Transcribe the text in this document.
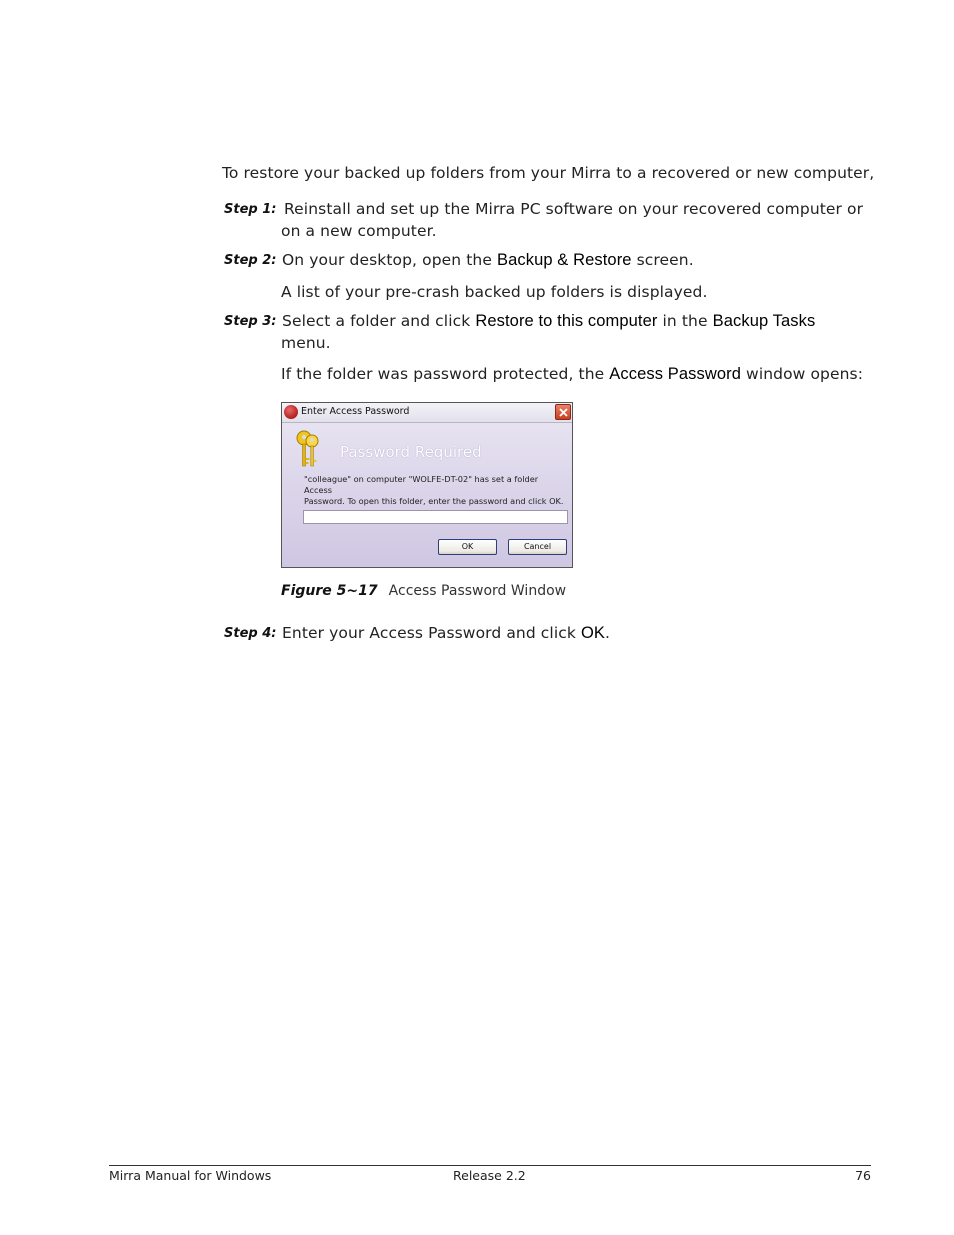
To restore your backed up folders from your Mirra to a recovered or new computer,
Step 1: Reinstall and set up the Mirra PC software on your recovered computer or
on a new computer.
Step 2: On your desktop, open the Backup & Restore screen.
A list of your pre-crash backed up folders is displayed.
Step 3: Select a folder and click Restore to this computer in the Backup Tasks
menu.
If the folder was password protected, the Access Password window opens:
Enter Access Password
Password Required
"colleague" on computer "WOLFE-DT-02" has set a folder Access
Password. To open this folder, enter the password and click OK.
OK	Cancel
Figure 5~17 Access Password Window
Step 4: Enter your Access Password and click OK.
Mirra Manual for Windows	Release 2.2	76
